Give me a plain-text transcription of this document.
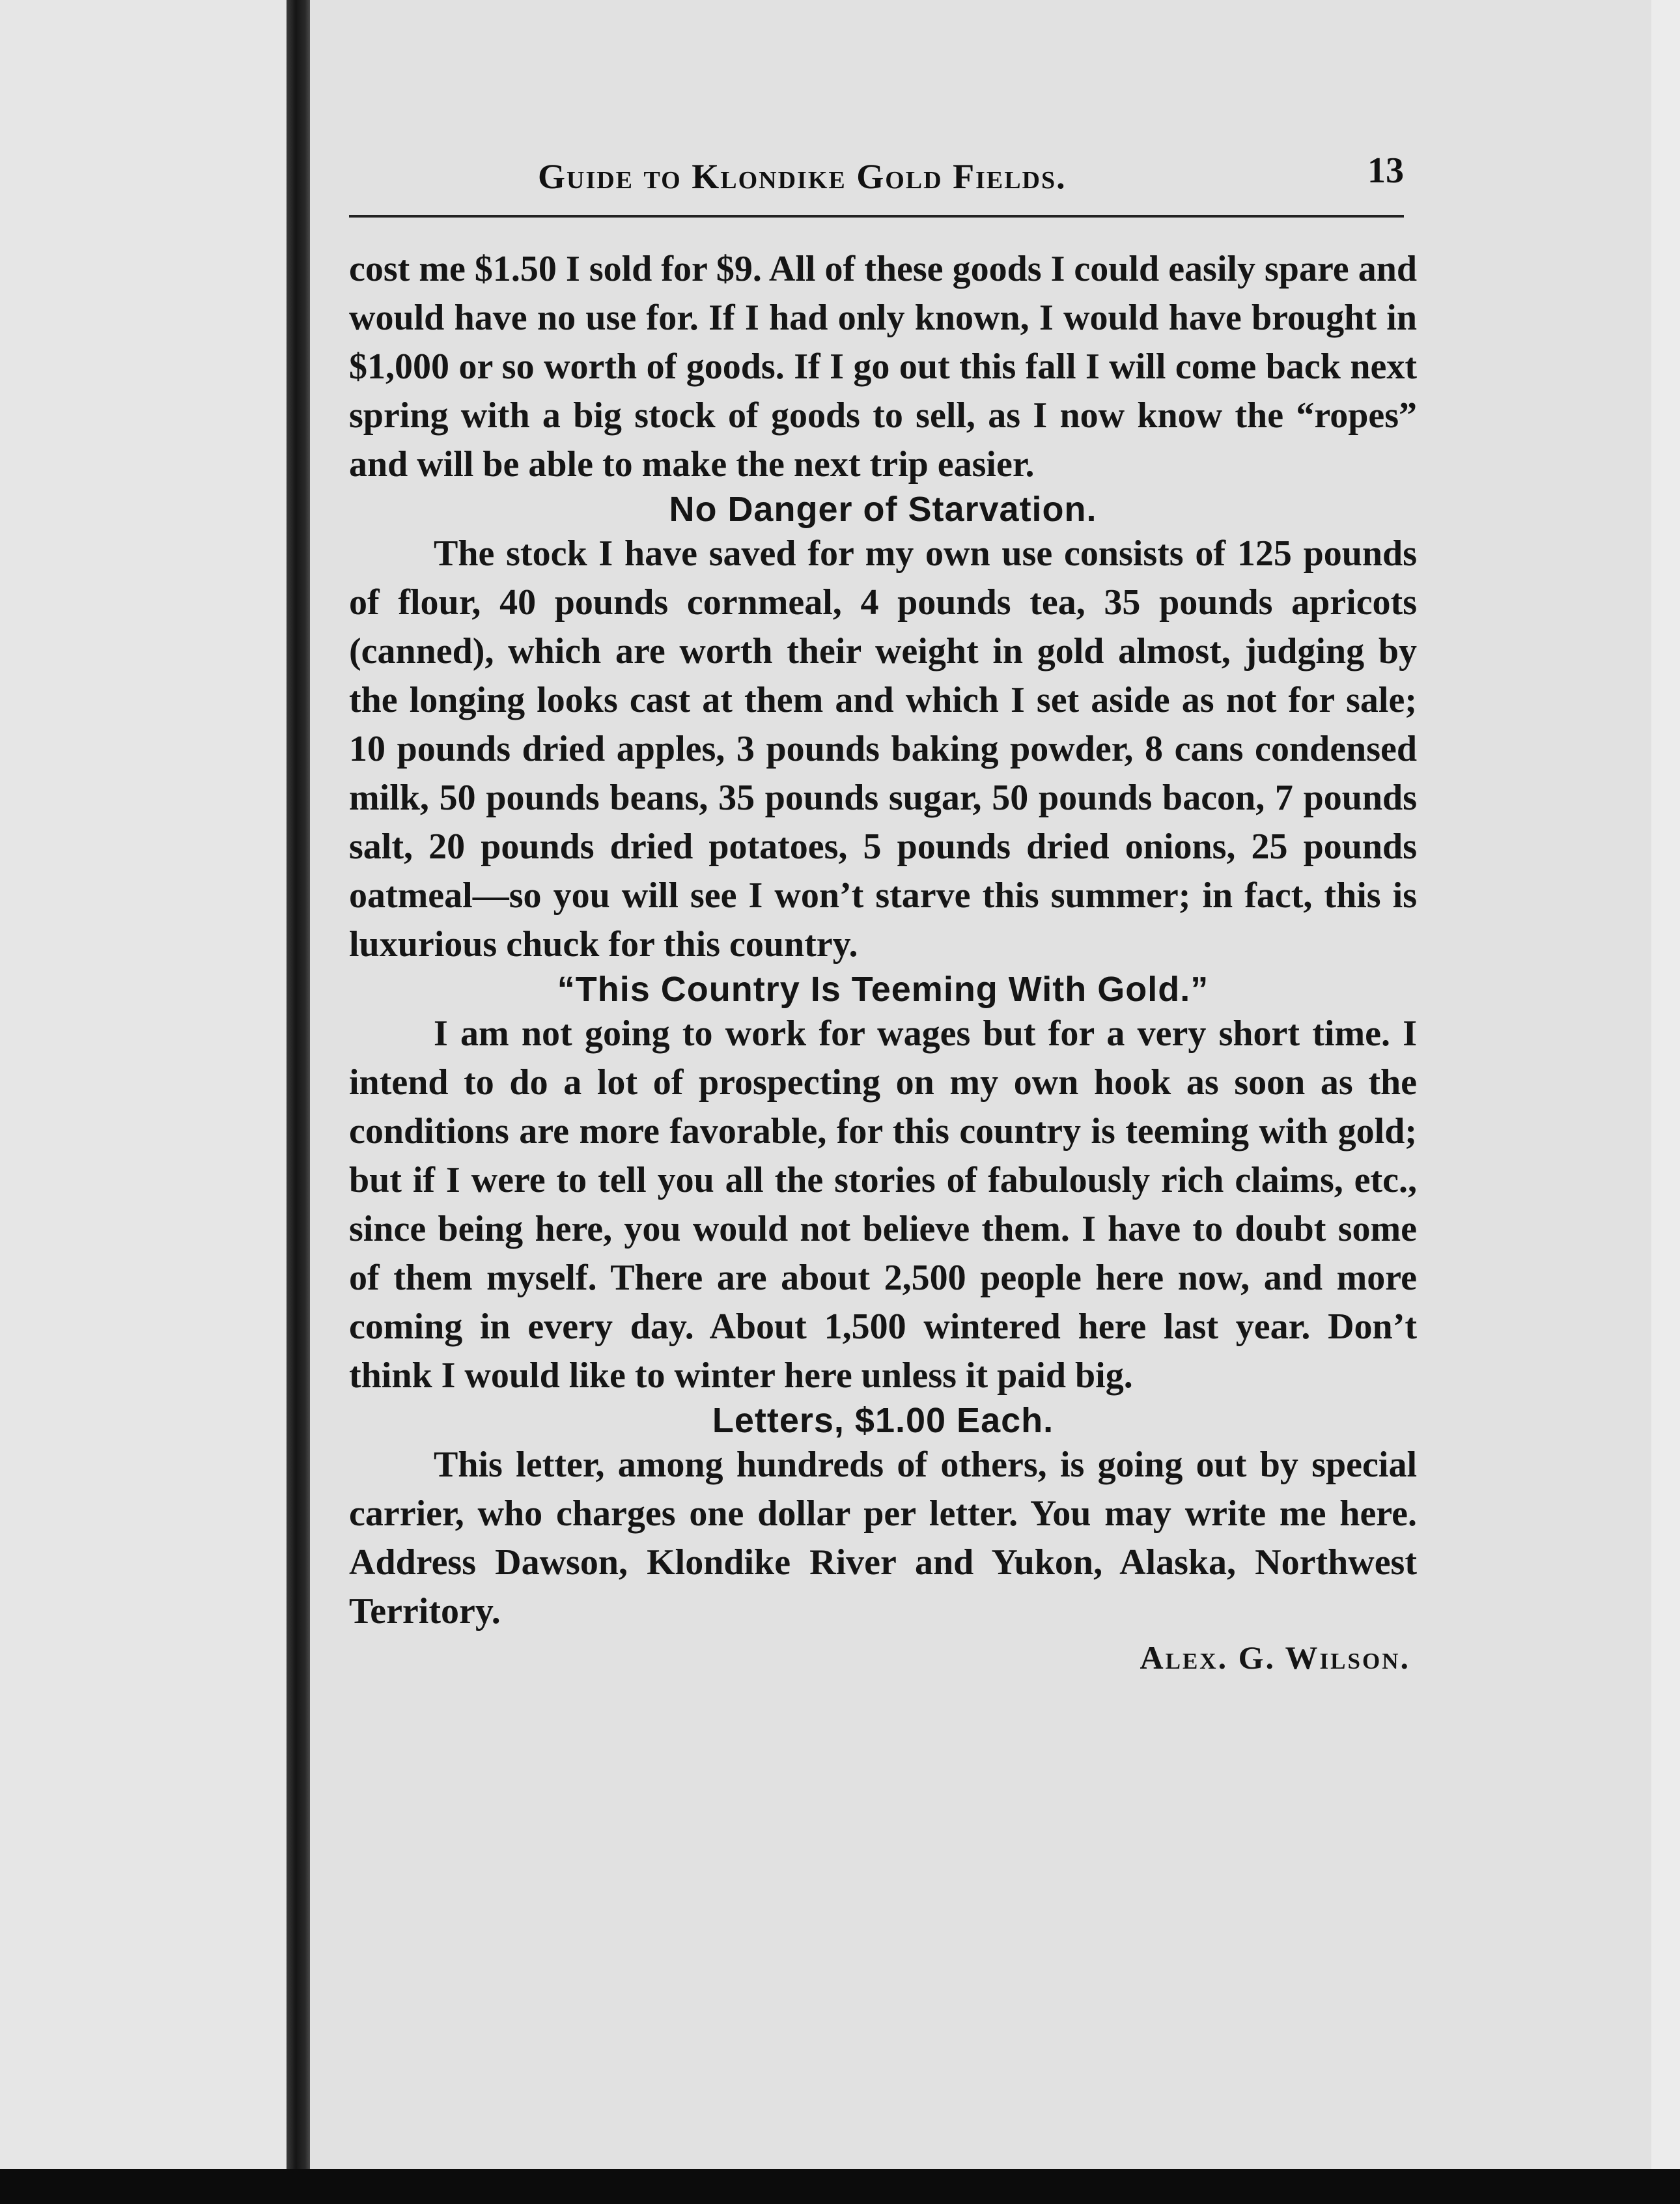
Guide to Klondike Gold Fields.	13

cost me $1.50 I sold for $9. All of these goods I could easily spare and would have no use for. If I had only known, I would have brought in $1,000 or so worth of goods. If I go out this fall I will come back next spring with a big stock of goods to sell, as I now know the “ropes” and will be able to make the next trip easier.

No Danger of Starvation.

The stock I have saved for my own use consists of 125 pounds of flour, 40 pounds cornmeal, 4 pounds tea, 35 pounds apricots (canned), which are worth their weight in gold almost, judging by the longing looks cast at them and which I set aside as not for sale; 10 pounds dried apples, 3 pounds baking powder, 8 cans condensed milk, 50 pounds beans, 35 pounds sugar, 50 pounds bacon, 7 pounds salt, 20 pounds dried potatoes, 5 pounds dried onions, 25 pounds oatmeal—so you will see I won’t starve this summer; in fact, this is luxurious chuck for this country.

“This Country Is Teeming With Gold.”

I am not going to work for wages but for a very short time. I intend to do a lot of prospecting on my own hook as soon as the conditions are more favorable, for this country is teeming with gold; but if I were to tell you all the stories of fabulously rich claims, etc., since being here, you would not believe them. I have to doubt some of them myself. There are about 2,500 people here now, and more coming in every day. About 1,500 wintered here last year. Don’t think I would like to winter here unless it paid big.

Letters, $1.00 Each.

This letter, among hundreds of others, is going out by special carrier, who charges one dollar per letter. You may write me here. Address Dawson, Klondike River and Yukon, Alaska, Northwest Territory.

Alex. G. Wilson.
